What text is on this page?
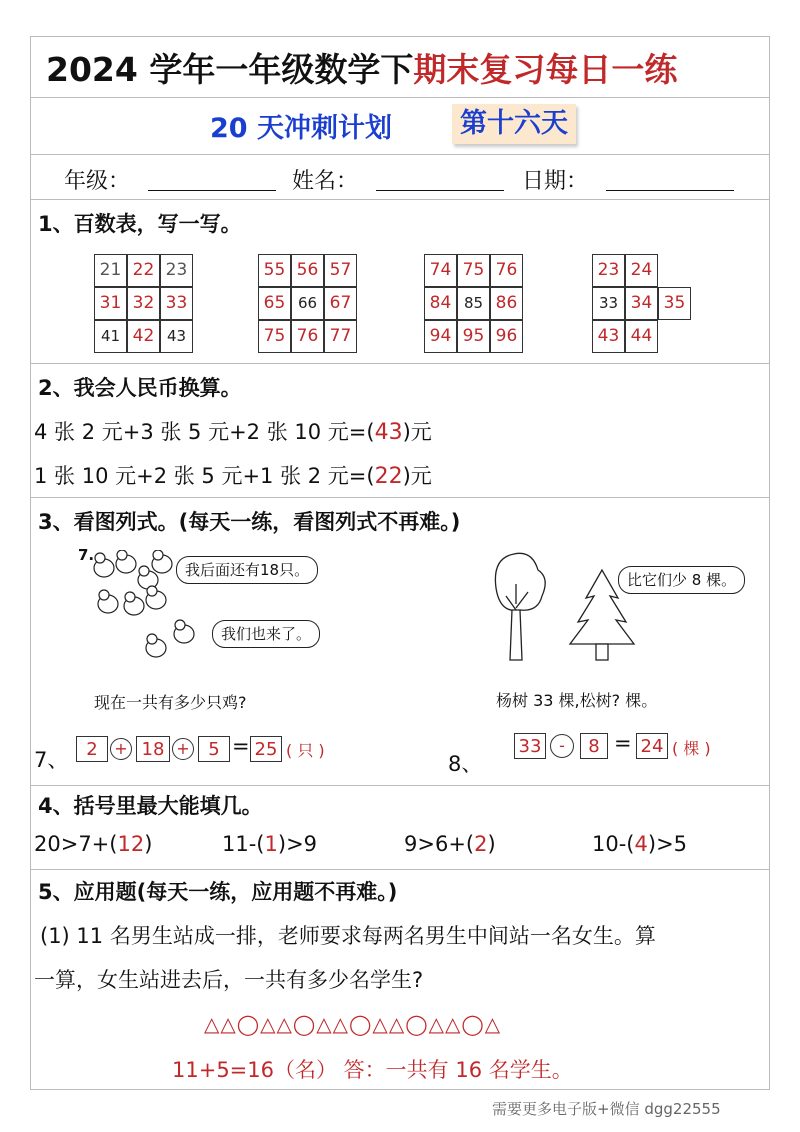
2024 学年一年级数学下期末复习每日一练
20 天冲刺计划	第十六天
年级：	姓名：	日期：
1、百数表，写一写。
21 22 23
31 32 33
41 42 43
55 56 57
65 66 67
75 76 77
74 75 76
84 85 86
94 95 96
23 24
33 34 35
43 44
2、我会人民币换算。
4 张 2 元+3 张 5 元+2 张 10 元=(43)元
1 张 10 元+2 张 5 元+1 张 2 元=(22)元
3、看图列式。(每天一练，看图列式不再难。)
7.
我后面还有18只。
我们也来了。
现在一共有多少只鸡?
7、 2	+ 18 +	5 = 25 ( 只 )
比它们少 8 棵。
杨树 33 棵,松树? 棵。
8、
33	-	8 = 24 ( 棵 )
4、括号里最大能填几。
20>7+(12)	11-(1)>9	9>6+(2)	10-(4)>5
5、应用题(每天一练，应用题不再难。)
(1) 11 名男生站成一排，老师要求每两名男生中间站一名女生。算
一算，女生站进去后，一共有多少名学生?
△△◯△△◯△△◯△△◯△△◯△
11+5=16（名） 答：一共有 16 名学生。
需要更多电子版+微信 dgg22555
